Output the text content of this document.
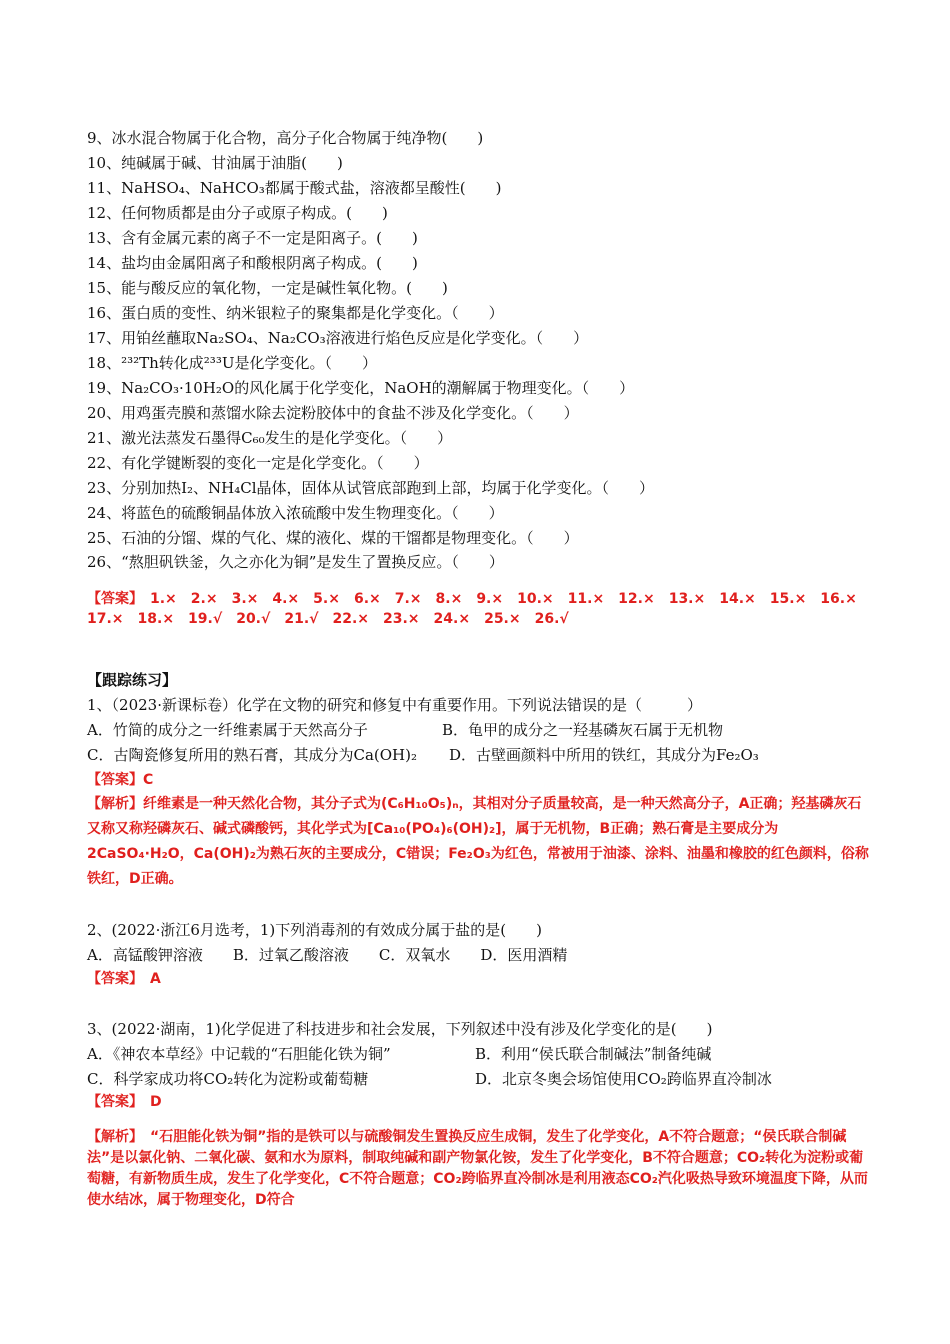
9、冰水混合物属于化合物，高分子化合物属于纯净物(　　)
10、纯碱属于碱、甘油属于油脂(　　)
11、NaHSO₄、NaHCO₃都属于酸式盐，溶液都呈酸性(　　)
12、任何物质都是由分子或原子构成。(　　)
13、含有金属元素的离子不一定是阳离子。(　　)
14、盐均由金属阳离子和酸根阴离子构成。(　　)
15、能与酸反应的氧化物，一定是碱性氧化物。(　　)
16、蛋白质的变性、纳米银粒子的聚集都是化学变化。（　　）
17、用铂丝蘸取Na₂SO₄、Na₂CO₃溶液进行焰色反应是化学变化。（　　）
18、²³²Th转化成²³³U是化学变化。（　　）
19、Na₂CO₃·10H₂O的风化属于化学变化，NaOH的潮解属于物理变化。（　　）
20、用鸡蛋壳膜和蒸馏水除去淀粉胶体中的食盐不涉及化学变化。（　　）
21、激光法蒸发石墨得C₆₀发生的是化学变化。（　　）
22、有化学键断裂的变化一定是化学变化。（　　）
23、分别加热I₂、NH₄Cl晶体，固体从试管底部跑到上部，均属于化学变化。（　　）
24、将蓝色的硫酸铜晶体放入浓硫酸中发生物理变化。（　　）
25、石油的分馏、煤的气化、煤的液化、煤的干馏都是物理变化。（　　）
26、“熬胆矾铁釜，久之亦化为铜”是发生了置换反应。（　　）
【答案】　1.×　2.×　3.×　4.×　5.×　6.×　7.×　8.×　9.×　10.×　11.×　12.×　13.×　14.×　15.×　16.×
17.×　18.×　19.√　20.√　21.√　22.×　23.×　24.×　25.×　26.√
【跟踪练习】
1、（2023·新课标卷）化学在文物的研究和修复中有重要作用。下列说法错误的是（　　　）
A．竹简的成分之一纤维素属于天然高分子	B．龟甲的成分之一羟基磷灰石属于无机物
C．古陶瓷修复所用的熟石膏，其成分为Ca(OH)₂ D．古壁画颜料中所用的铁红，其成分为Fe₂O₃
【答案】C
【解析】纤维素是一种天然化合物，其分子式为(C₆H₁₀O₅)ₙ，其相对分子质量较高，是一种天然高分子，A正确；羟基磷灰石又称又称羟磷灰石、碱式磷酸钙，其化学式为[Ca₁₀(PO₄)₆(OH)₂]，属于无机物，B正确；熟石膏是主要成分为2CaSO₄·H₂O，Ca(OH)₂为熟石灰的主要成分，C错误；Fe₂O₃为红色，常被用于油漆、涂料、油墨和橡胶的红色颜料，俗称铁红，D正确。
2、(2022·浙江6月选考，1)下列消毒剂的有效成分属于盐的是(　　)
A．高锰酸钾溶液　　B．过氧乙酸溶液　　C．双氧水　　D．医用酒精
【答案】　A
3、(2022·湖南，1)化学促进了科技进步和社会发展，下列叙述中没有涉及化学变化的是(　　)
A．《神农本草经》中记载的“石胆能化铁为铜”	B．利用“侯氏联合制碱法”制备纯碱
C．科学家成功将CO₂转化为淀粉或葡萄糖	D．北京冬奥会场馆使用CO₂跨临界直冷制冰
【答案】　D
【解析】　“石胆能化铁为铜”指的是铁可以与硫酸铜发生置换反应生成铜，发生了化学变化，A不符合题意；“侯氏联合制碱法”是以氯化钠、二氧化碳、氨和水为原料，制取纯碱和副产物氯化铵，发生了化学变化，B不符合题意；CO₂转化为淀粉或葡萄糖，有新物质生成，发生了化学变化，C不符合题意；CO₂跨临界直冷制冰是利用液态CO₂汽化吸热导致环境温度下降，从而使水结冰，属于物理变化，D符合
